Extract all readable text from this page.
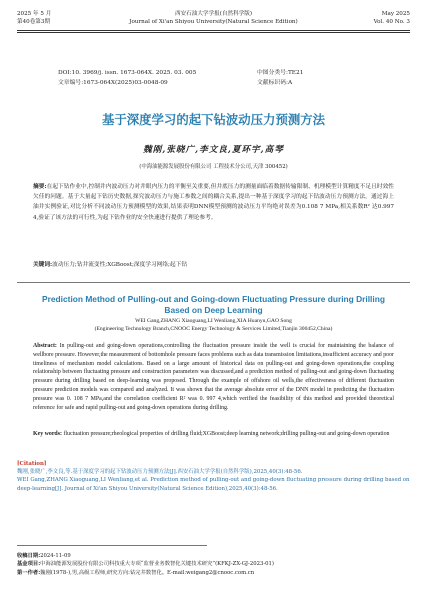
2025 年 5 月
第40卷第3期
西安石油大学学报(自然科学版)
Journal of Xi'an Shiyou University(Natural Science Edition)
May 2025
Vol. 40 No. 3
DOI:10. 3969/j. issn. 1673-064X. 2025. 03. 005	中图分类号:TE21
文章编号:1673-064X(2025)03-0048-09	文献标识码:A
基于深度学习的起下钻波动压力预测方法
魏刚,张晓广,李文良,夏环宇,高琴
(中海油能源发展股份有限公司 工程技术分公司,天津 300452)
摘要:在起下钻作业中,控制井内波动压力对井眼内压力的平衡至关重要,但井底压力的测量面临着数据传输限制、机理模型计算精度不足且时效性欠佳的问题。基于大量起下钻历史数据,探究波动压力与施工参数之间的耦合关系,提出一种基于深度学习的起下钻波动压力预测方法。通过海上油井实例验证,对比分析不同波动压力预测模型的效果,结果表明DNN模型预测的波动压力平均绝对误差为0.108 7 MPa,相关系数R² 达0.997 4,验证了该方法的可行性,为起下钻作业的安全快速进行提供了理论参考。
关键词:波动压力;钻井流变性;XGBoost;深度学习网络;起下钻
Prediction Method of Pulling-out and Going-down Fluctuating Pressure during Drilling Based on Deep Learning
WEI Gang,ZHANG Xiaoguang,LI Wenliang,XIA Huanyu,GAO Song
(Engineering Technology Branch,CNOOC Energy Technology & Services Limited,Tianjin 300452,China)
Abstract: In pulling-out and going-down operations,controlling the fluctuation pressure inside the well is crucial for maintaining the balance of wellbore pressure. However,the measurement of bottomhole pressure faces problems such as data transmission limitations,insufficient accuracy and poor timeliness of mechanism model calculations. Based on a large amount of historical data on pulling-out and going-down operations,the coupling relationship between fluctuating pressure and construction parameters was discussed,and a prediction method of pulling-out and going-down fluctuating pressure during drilling based on deep-learning was proposed. Through the example of offshore oil wells,the effectiveness of different fluctuation pressure prediction models was compared and analyzed. It was shown that the average absolute error of the DNN model in predicting the fluctuation pressure was 0. 108 7 MPa,and the correlation coefficient R² was 0. 997 4,which verified the feasibility of this method and provided theoretical reference for safe and rapid pulling-out and going-down operations during drilling.
Key words: fluctuation pressure;rheological properties of drilling fluid;XGBoost;deep learning network;drilling pulling-out and going-down operation
[Citation]
魏刚,张晓广,李文良,等.基于深度学习的起下钻波动压力预测方法[J].西安石油大学学报(自然科学版),2025,40(3):48-56.
WEI Gang,ZHANG Xiaoguang,LI Wenliang,et al. Prediction method of pulling-out and going-down fluctuating pressure during drilling based on deep-learning[J]. Journal of Xi'an Shiyou University(Natural Science Edition),2025,40(3):48-56.
收稿日期:2024-11-09
基金项目:中海油能源发展股份有限公司科技重大专项“监督业务数智化关键技术研究”(KFKJ-ZX-GJ-2023-01)
第一作者:魏刚(1978-),男,高级工程师,研究方向:钻完井数智化。E-mail:weigang2@cnooc.com.cn
